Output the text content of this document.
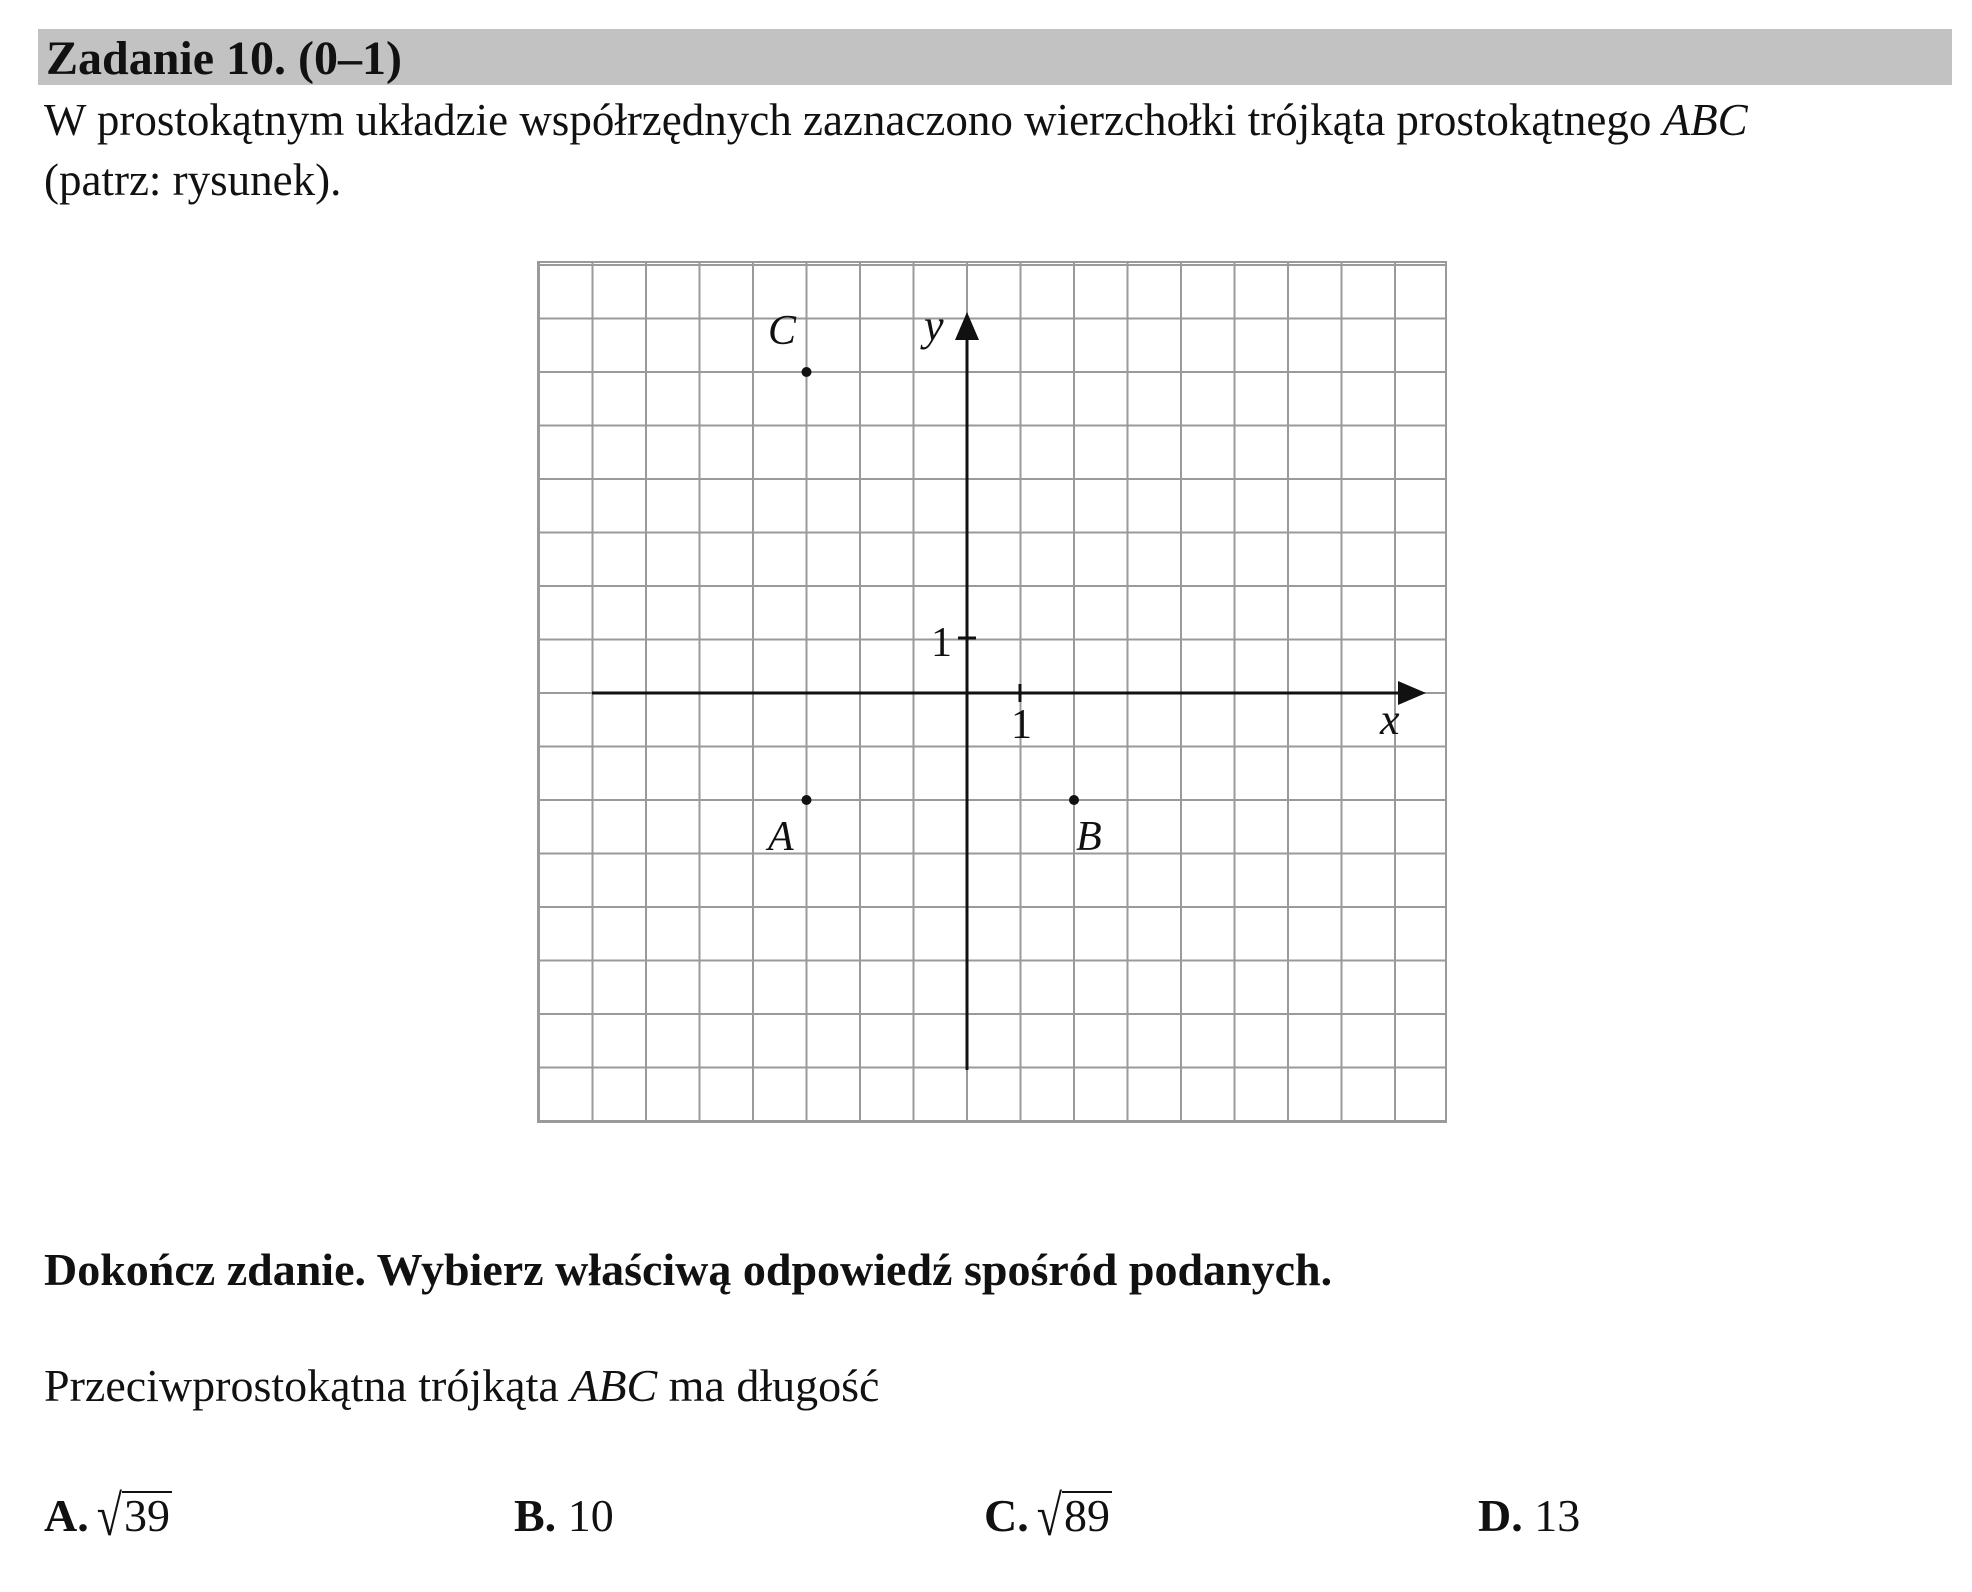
Zadanie 10. (0–1)
W prostokątnym układzie współrzędnych zaznaczono wierzchołki trójkąta prostokątnego ABC
(patrz: rysunek).
x
y
1
1
A	B
C
Dokończ zdanie. Wybierz właściwą odpowiedź spośród podanych.
Przeciwprostokątna trójkąta ABC ma długość
A. √39	B. 10	C. √89	D. 13
